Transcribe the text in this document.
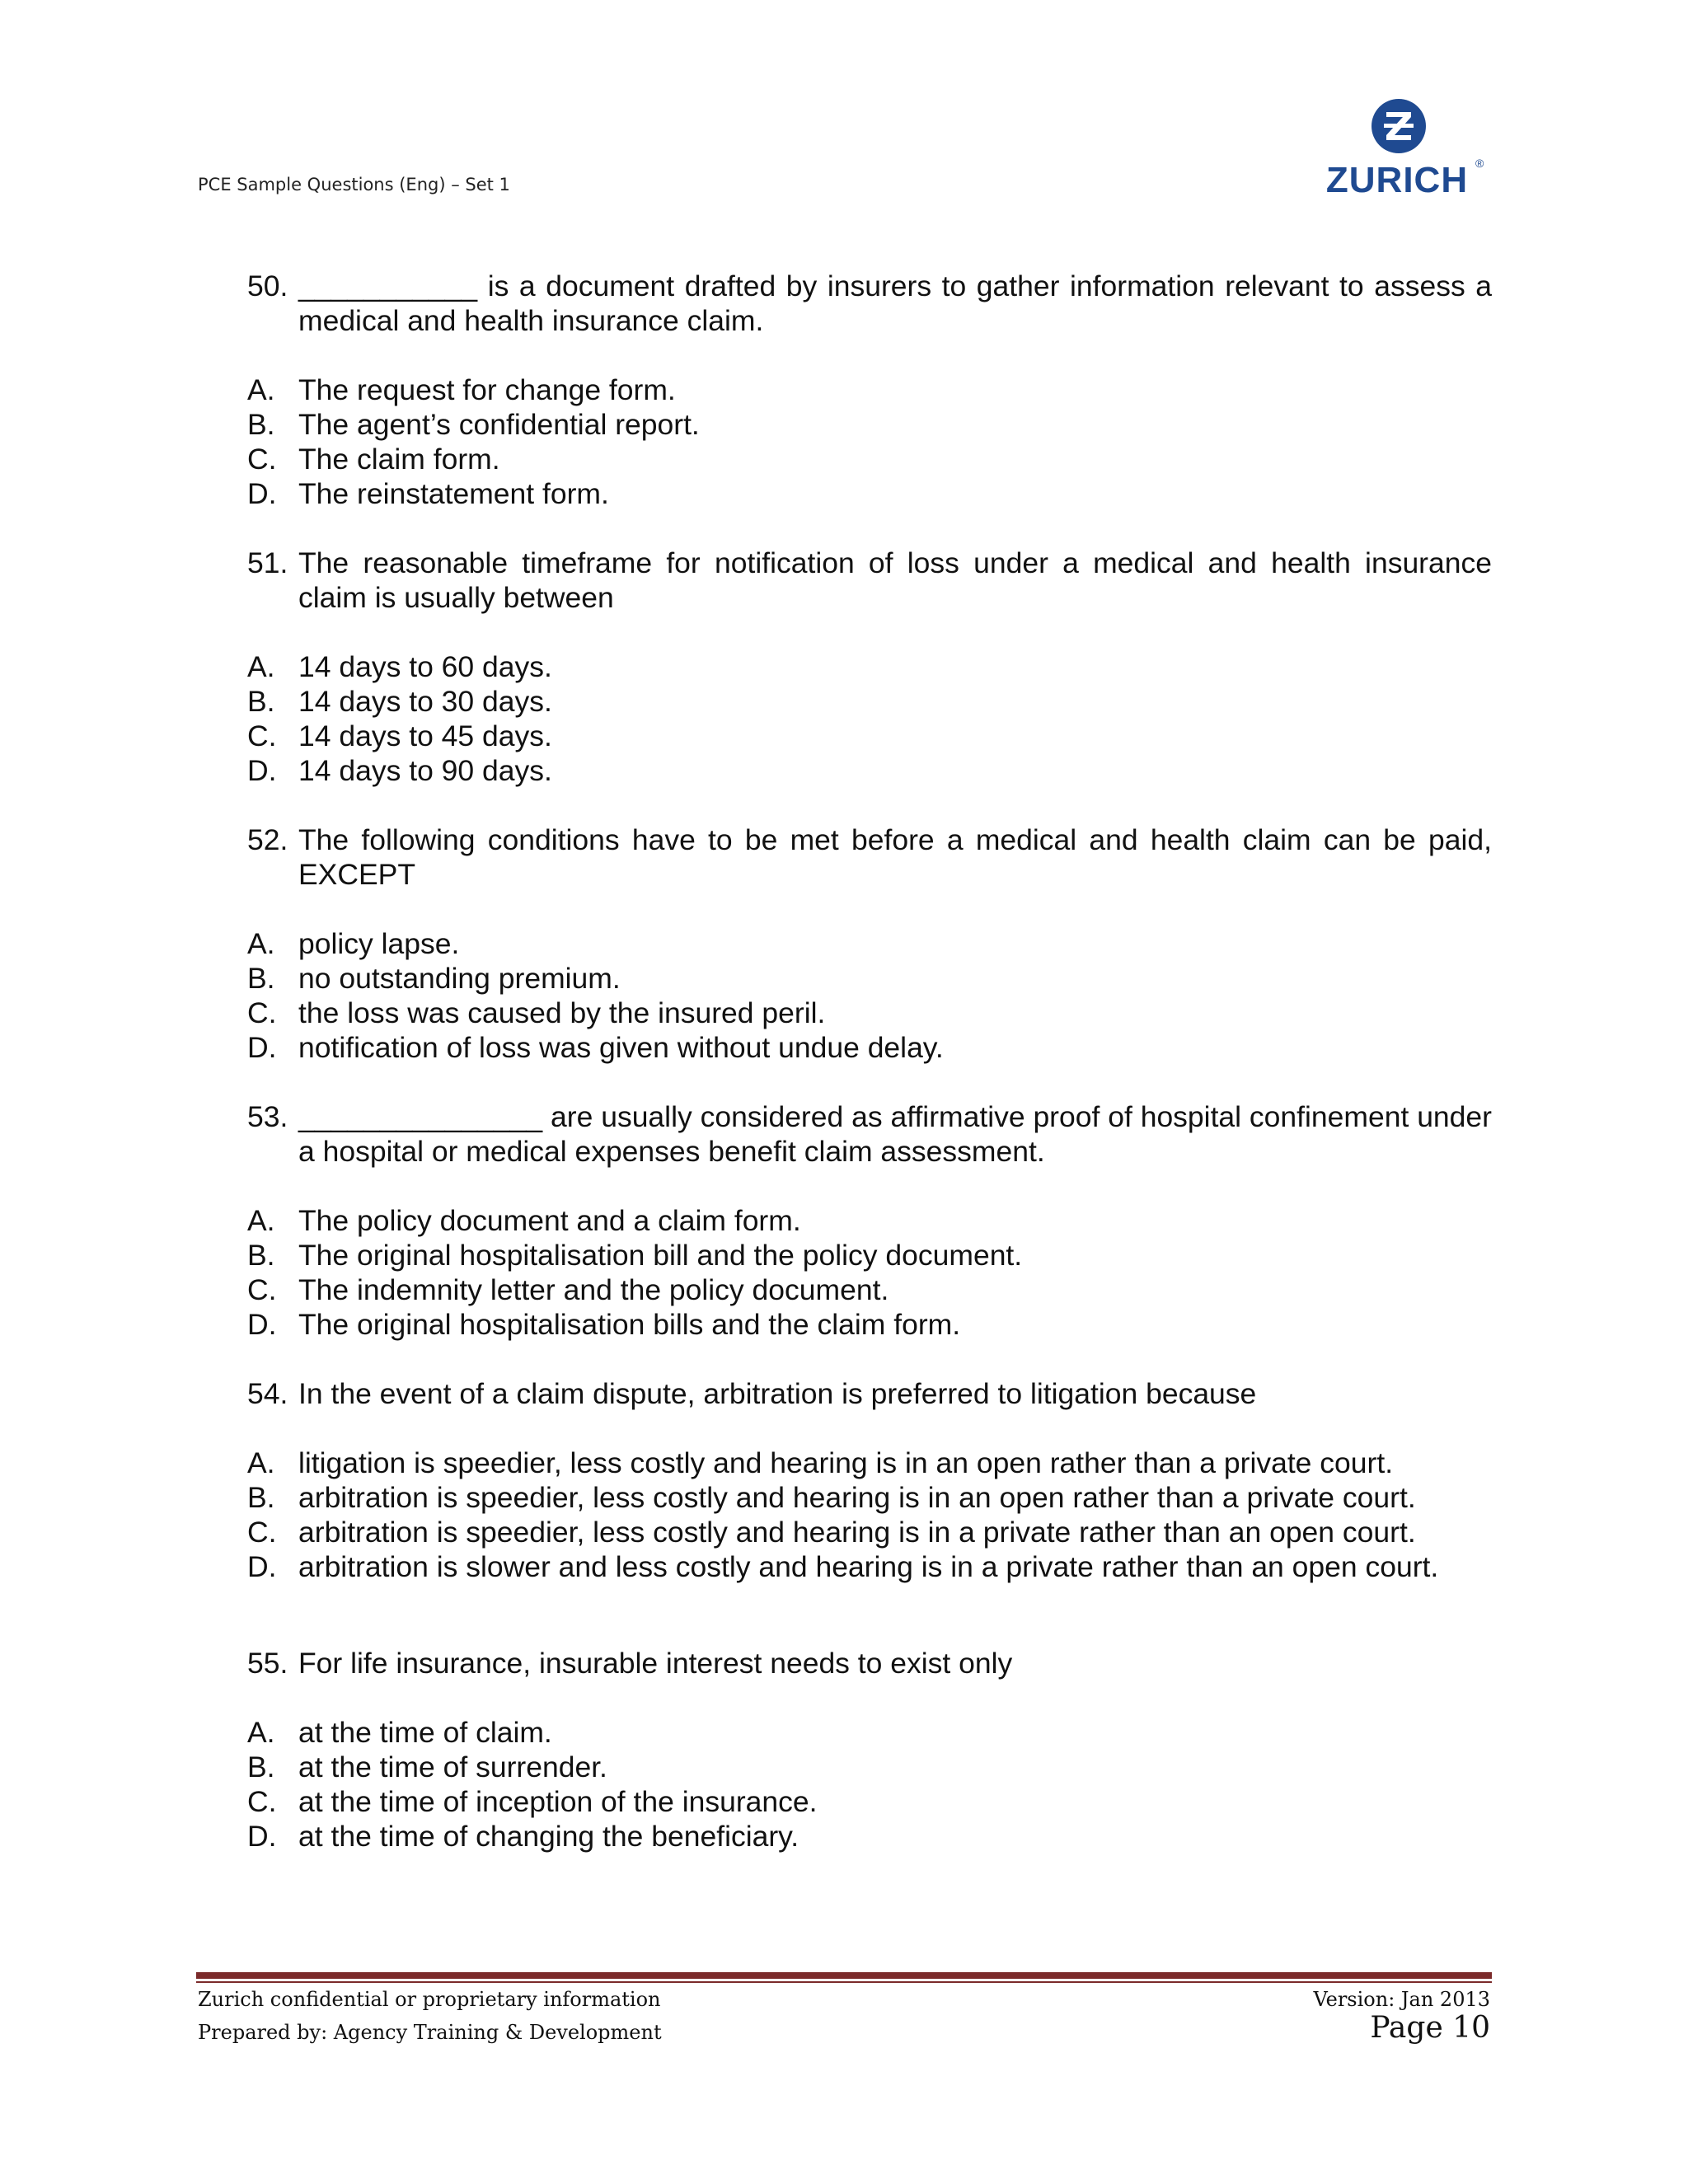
PCE Sample Questions (Eng) – Set 1	ZURICH ®
50. ___________ is a document drafted by insurers to gather information relevant to assess a medical and health insurance claim.
A. The request for change form.
B. The agent’s confidential report.
C. The claim form.
D. The reinstatement form.
51. The reasonable timeframe for notification of loss under a medical and health insurance claim is usually between
A. 14 days to 60 days.
B. 14 days to 30 days.
C. 14 days to 45 days.
D. 14 days to 90 days.
52. The following conditions have to be met before a medical and health claim can be paid, EXCEPT
A. policy lapse.
B. no outstanding premium.
C. the loss was caused by the insured peril.
D. notification of loss was given without undue delay.
53. _______________ are usually considered as affirmative proof of hospital confinement under a hospital or medical expenses benefit claim assessment.
A. The policy document and a claim form.
B. The original hospitalisation bill and the policy document.
C. The indemnity letter and the policy document.
D. The original hospitalisation bills and the claim form.
54. In the event of a claim dispute, arbitration is preferred to litigation because
A. litigation is speedier, less costly and hearing is in an open rather than a private court.
B. arbitration is speedier, less costly and hearing is in an open rather than a private court.
C. arbitration is speedier, less costly and hearing is in a private rather than an open court.
D. arbitration is slower and less costly and hearing is in a private rather than an open court.
55. For life insurance, insurable interest needs to exist only
A. at the time of claim.
B. at the time of surrender.
C. at the time of inception of the insurance.
D. at the time of changing the beneficiary.
Zurich confidential or proprietary information
Prepared by: Agency Training & Development
Version: Jan 2013
Page 10
